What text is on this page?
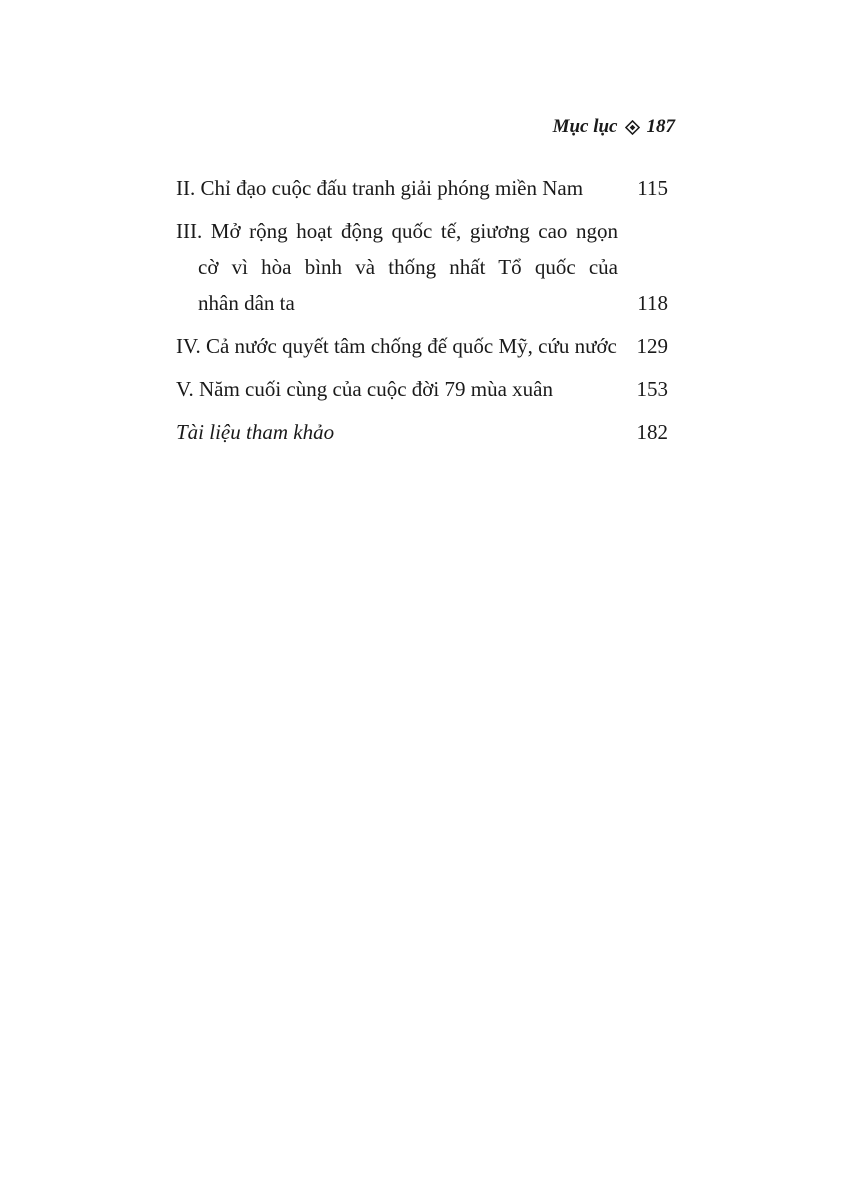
Mục lục 187
II. Chỉ đạo cuộc đấu tranh giải phóng miền Nam	115
III. Mở rộng hoạt động quốc tế, giương cao ngọn
cờ vì hòa bình và thống nhất Tổ quốc của
nhân dân ta	118
IV. Cả nước quyết tâm chống đế quốc Mỹ, cứu nước 129
V. Năm cuối cùng của cuộc đời 79 mùa xuân	153
Tài liệu tham khảo	182
